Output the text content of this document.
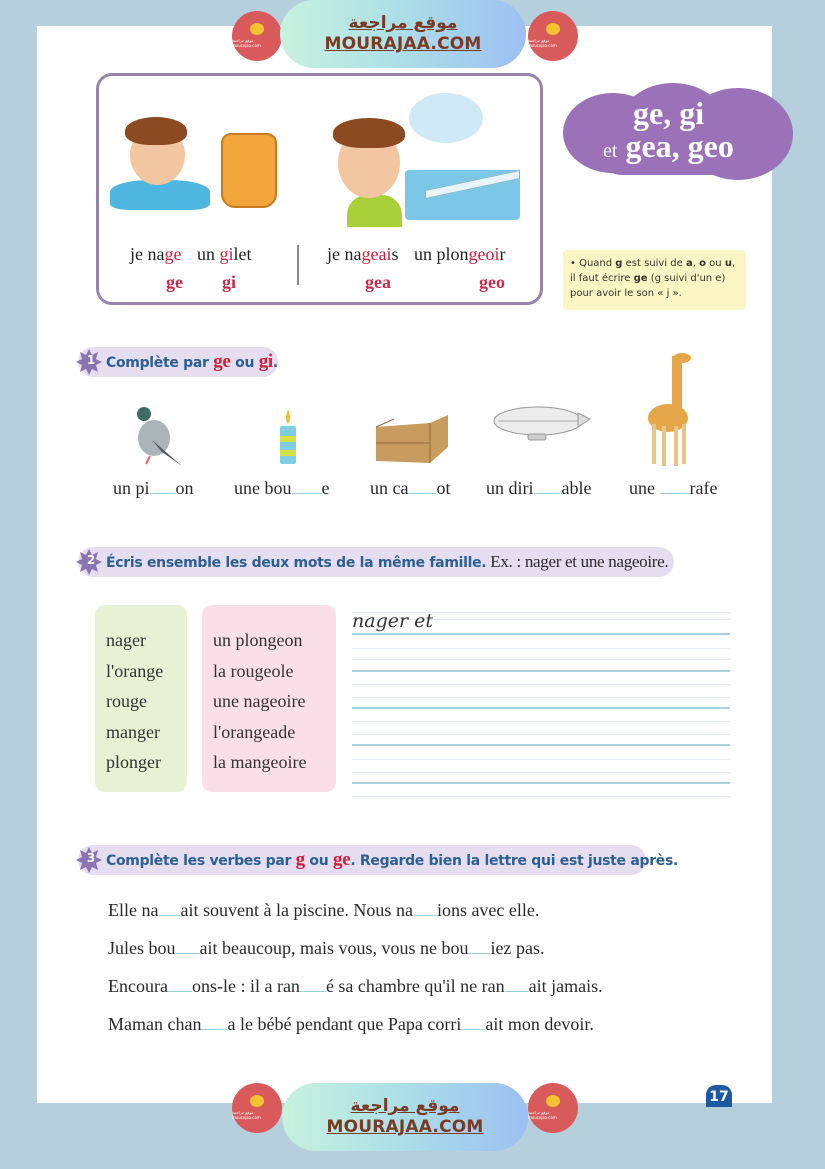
موقع مراجعة mourajaa.com
موقع مراجعة
MOURAJAA.COM	موقع مراجعة mourajaa.com
je nage un gilet
ge gi
je nageais un plongeoir
gea	geo
ge, gi
et gea, geo
• Quand g est suivi de a, o ou u, il faut écrire ge (g suivi d'un e) pour avoir le son « j ».
1 Complète par ge ou gi.
un pi on une bou e un ca ot un diri able une rafe
2 Écris ensemble les deux mots de la même famille. Ex. : nager et une nageoire.
nager
l'orange
rouge
manger
plonger
un plongeon
la rougeole
une nageoire
l'orangeade
la mangeoire
nager et
3 Complète les verbes par g ou ge. Regarde bien la lettre qui est juste après.
Elle na ait souvent à la piscine. Nous na ions avec elle.
Jules bou ait beaucoup, mais vous, vous ne bou iez pas.
Encoura ons-le : il a ran é sa chambre qu'il ne ran ait jamais.
Maman chan a le bébé pendant que Papa corri ait mon devoir.
17
موقع مراجعة mourajaa.com
موقع مراجعة
MOURAJAA.COM
موقع مراجعة mourajaa.com
